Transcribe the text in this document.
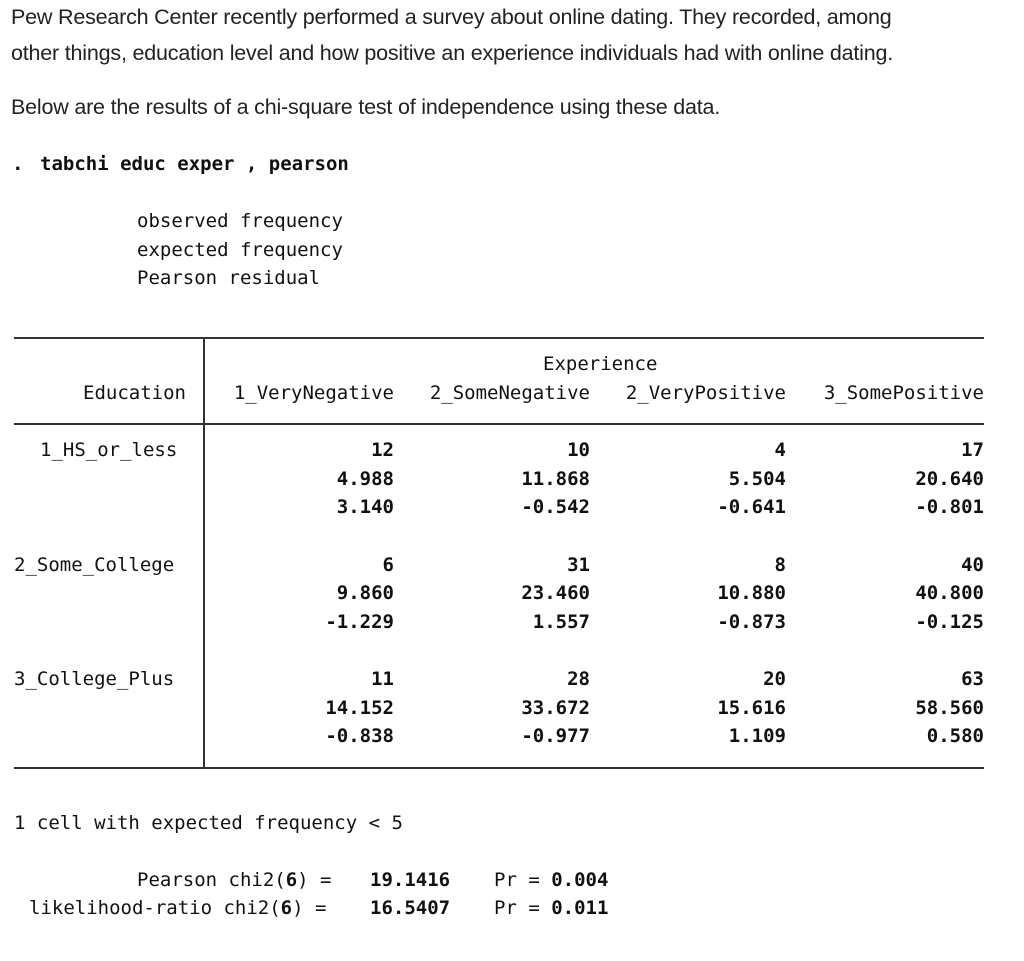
Pew Research Center recently performed a survey about online dating. They recorded, among
other things, education level and how positive an experience individuals had with online dating.
Below are the results of a chi-square test of independence using these data.
. tabchi educ exper , pearson
observed frequency
expected frequency
Pearson residual
Experience
Education	1_VeryNegative	2_SomeNegative	2_VeryPositive	3_SomePositive
1_HS_or_less	12	10	4	17
4.988	11.868	5.504	20.640
3.140	-0.542	-0.641	-0.801
2_Some_College	6	31	8	40
9.860	23.460	10.880	40.800
-1.229	1.557	-0.873	-0.125
3_College_Plus	11	28	20	63
14.152	33.672	15.616	58.560
-0.838	-0.977	1.109	0.580
1 cell with expected frequency < 5
Pearson chi2(6) = 19.1416 Pr = 0.004
likelihood-ratio chi2(6) = 16.5407 Pr = 0.011
